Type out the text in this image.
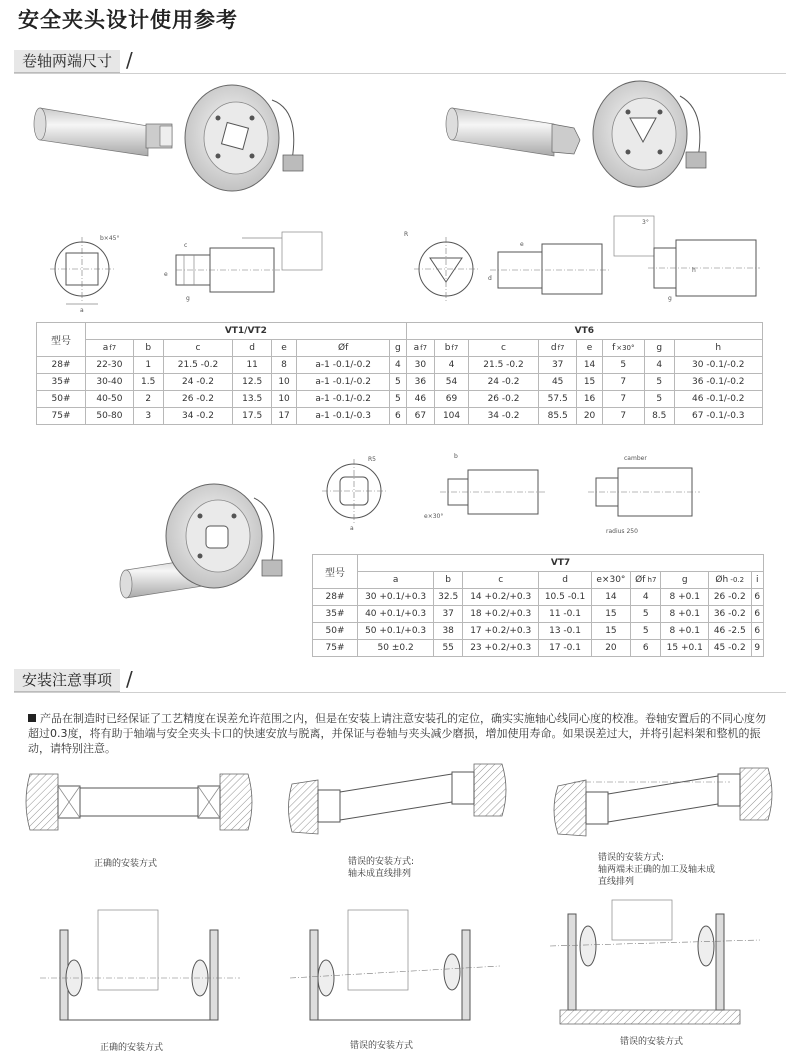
安全夹头设计使用参考
卷轴两端尺寸 /
a
b×45°
c
e
g
R
e
d
3°
h
g
R5
a
b
e×30°
camber
radius 250
型号	VT1/VT2							VT6							
	af7	b	c	d	e	Øf	g	af7	bf7	c	df7	e	f×30°	g	h
28#	22-30	1	21.5 -0.2	11	8	a-1 -0.1/-0.2	4	30	4	21.5 -0.2	37	14	5	4	30 -0.1/-0.2
35#	30-40	1.5	24 -0.2	12.5	10	a-1 -0.1/-0.2	5	36	54	24 -0.2	45	15	7	5	36 -0.1/-0.2
50#	40-50	2	26 -0.2	13.5	10	a-1 -0.1/-0.2	5	46	69	26 -0.2	57.5	16	7	5	46 -0.1/-0.2
75#	50-80	3	34 -0.2	17.5	17	a-1 -0.1/-0.3	6	67	104	34 -0.2	85.5	20	7	8.5	67 -0.1/-0.3
型号	VT7								
	a	b	c	d	e×30°	Øf h7	g	Øh -0.2	i
28#	30 +0.1/+0.3	32.5	14 +0.2/+0.3	10.5 -0.1	14	4	8 +0.1	26 -0.2	6
35#	40 +0.1/+0.3	37	18 +0.2/+0.3	11 -0.1	15	5	8 +0.1	36 -0.2	6
50#	50 +0.1/+0.3	38	17 +0.2/+0.3	13 -0.1	15	5	8 +0.1	46 -2.5	6
75#	50 ±0.2	55	23 +0.2/+0.3	17 -0.1	20	6	15 +0.1	45 -0.2	9
安装注意事项 /
产品在制造时已经保证了工艺精度在误差允许范围之内，但是在安装上请注意安装孔的定位，确实实施轴心线同心度的校准。卷轴安置后的不同心度勿超过0.3度，将有助于轴端与安全夹头卡口的快速安放与脱离，并保证与卷轴与夹头减少磨损，增加使用寿命。如果误差过大，并将引起料架和整机的振动，请特别注意。
正确的安装方式	错误的安装方式:
轴未成直线排列
错误的安装方式:
轴两端未正确的加工及轴未成
直线排列
正确的安装方式	错误的安装方式	错误的安装方式
